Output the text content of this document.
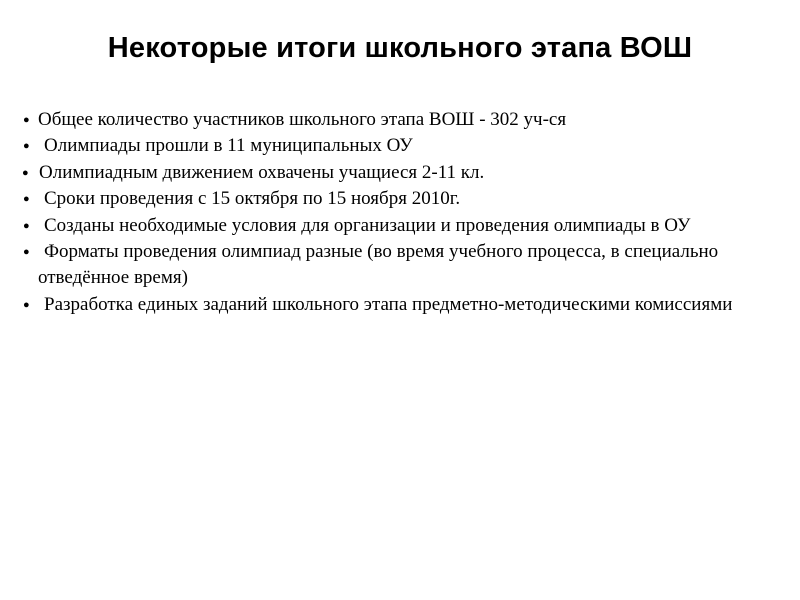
Некоторые итоги школьного этапа ВОШ
● Общее количество участников школьного этапа ВОШ - 302 уч-ся
● Олимпиады прошли в 11 муниципальных ОУ
● Олимпиадным движением охвачены учащиеся 2-11 кл.
● Сроки проведения с 15 октября по 15 ноября 2010г.
● Созданы необходимые условия для организации и проведения олимпиады в ОУ
● Форматы проведения олимпиад разные (во время учебного процесса, в специально отведённое время)
● Разработка единых заданий школьного этапа предметно-методическими комиссиями
